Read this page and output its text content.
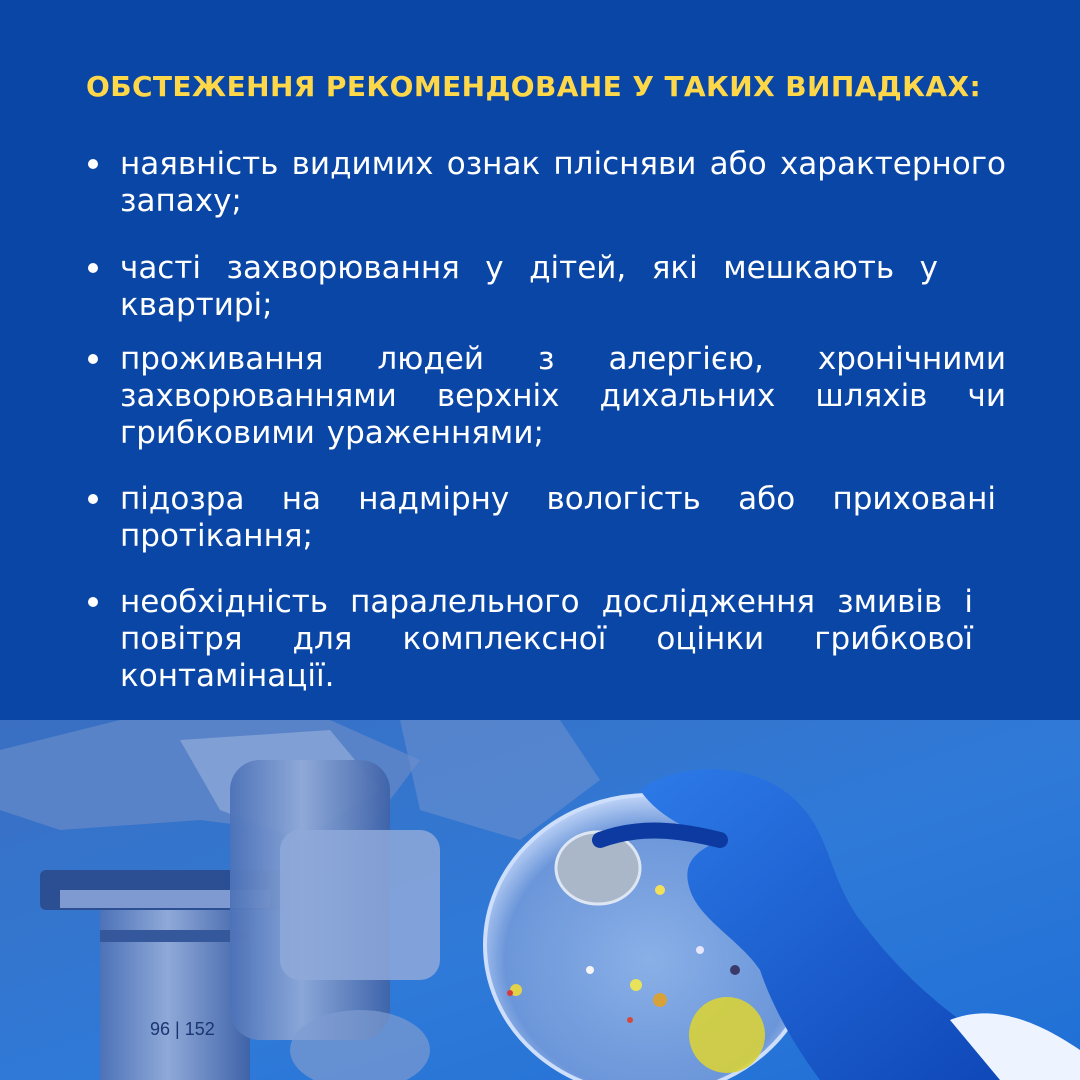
ОБСТЕЖЕННЯ РЕКОМЕНДОВАНЕ У ТАКИХ ВИПАДКАХ:
наявність видимих ознак плісняви або характерного запаху;
часті захворювання у дітей, які мешкають у квартирі;
проживання людей з алергією, хронічними захворюваннями верхніх дихальних шляхів чи грибковими ураженнями;
підозра на надмірну вологість або приховані протікання;
необхідність паралельного дослідження змивів і повітря для комплексної оцінки грибкової контамінації.
96 | 152
